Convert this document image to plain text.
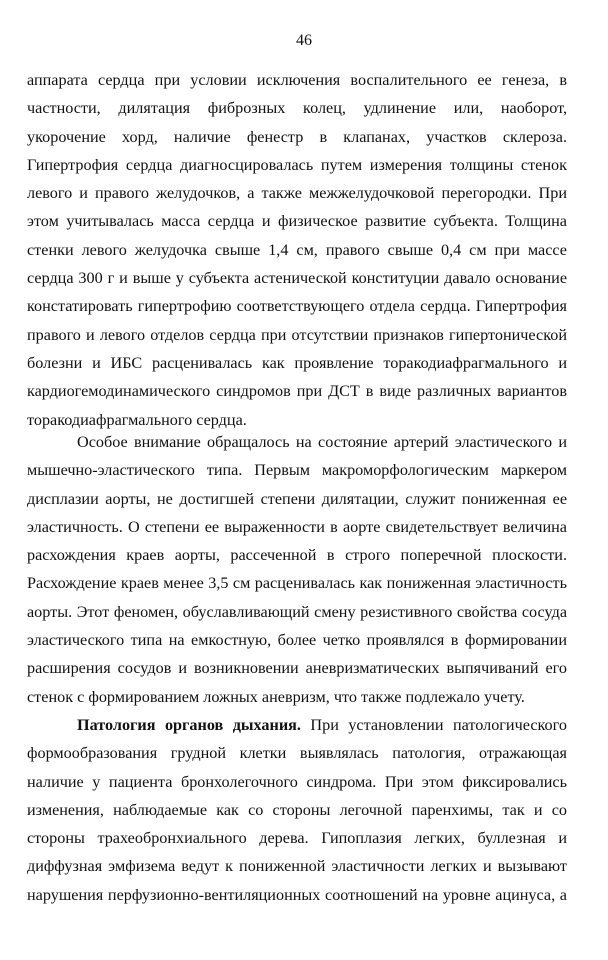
46
аппарата сердца при условии исключения воспалительного ее генеза, в
частности, дилятация фиброзных колец, удлинение или, наоборот,
укорочение хорд, наличие фенестр в клапанах, участков склероза.
Гипертрофия сердца диагносцировалась путем измерения толщины стенок
левого и правого желудочков, а также межжелудочковой перегородки. При
этом учитывалась масса сердца и физическое развитие субъекта. Толщина
стенки левого желудочка свыше 1,4 см, правого свыше 0,4 см при массе
сердца 300 г и выше у субъекта астенической конституции давало основание
констатировать гипертрофию соответствующего отдела сердца. Гипертрофия
правого и левого отделов сердца при отсутствии признаков гипертонической
болезни и ИБС расценивалась как проявление торакодиафрагмального и
кардиогемодинамического синдромов при ДСТ в виде различных вариантов
торакодиафрагмального сердца.
Особое внимание обращалось на состояние артерий эластического и
мышечно-эластического типа. Первым макроморфологическим маркером
дисплазии аорты, не достигшей степени дилятации, служит пониженная ее
эластичность. О степени ее выраженности в аорте свидетельствует величина
расхождения краев аорты, рассеченной в строго поперечной плоскости.
Расхождение краев менее 3,5 см расценивалась как пониженная эластичность
аорты. Этот феномен, обуславливающий смену резистивного свойства сосуда
эластического типа на емкостную, более четко проявлялся в формировании
расширения сосудов и возникновении аневризматических выпячиваний его
стенок с формированием ложных аневризм, что также подлежало учету.
Патология органов дыхания. При установлении патологического
формообразования грудной клетки выявлялась патология, отражающая
наличие у пациента бронхолегочного синдрома. При этом фиксировались
изменения, наблюдаемые как со стороны легочной паренхимы, так и со
стороны трахеобронхиального дерева. Гипоплазия легких, буллезная и
диффузная эмфизема ведут к пониженной эластичности легких и вызывают
нарушения перфузионно-вентиляционных соотношений на уровне ацинуса, а
